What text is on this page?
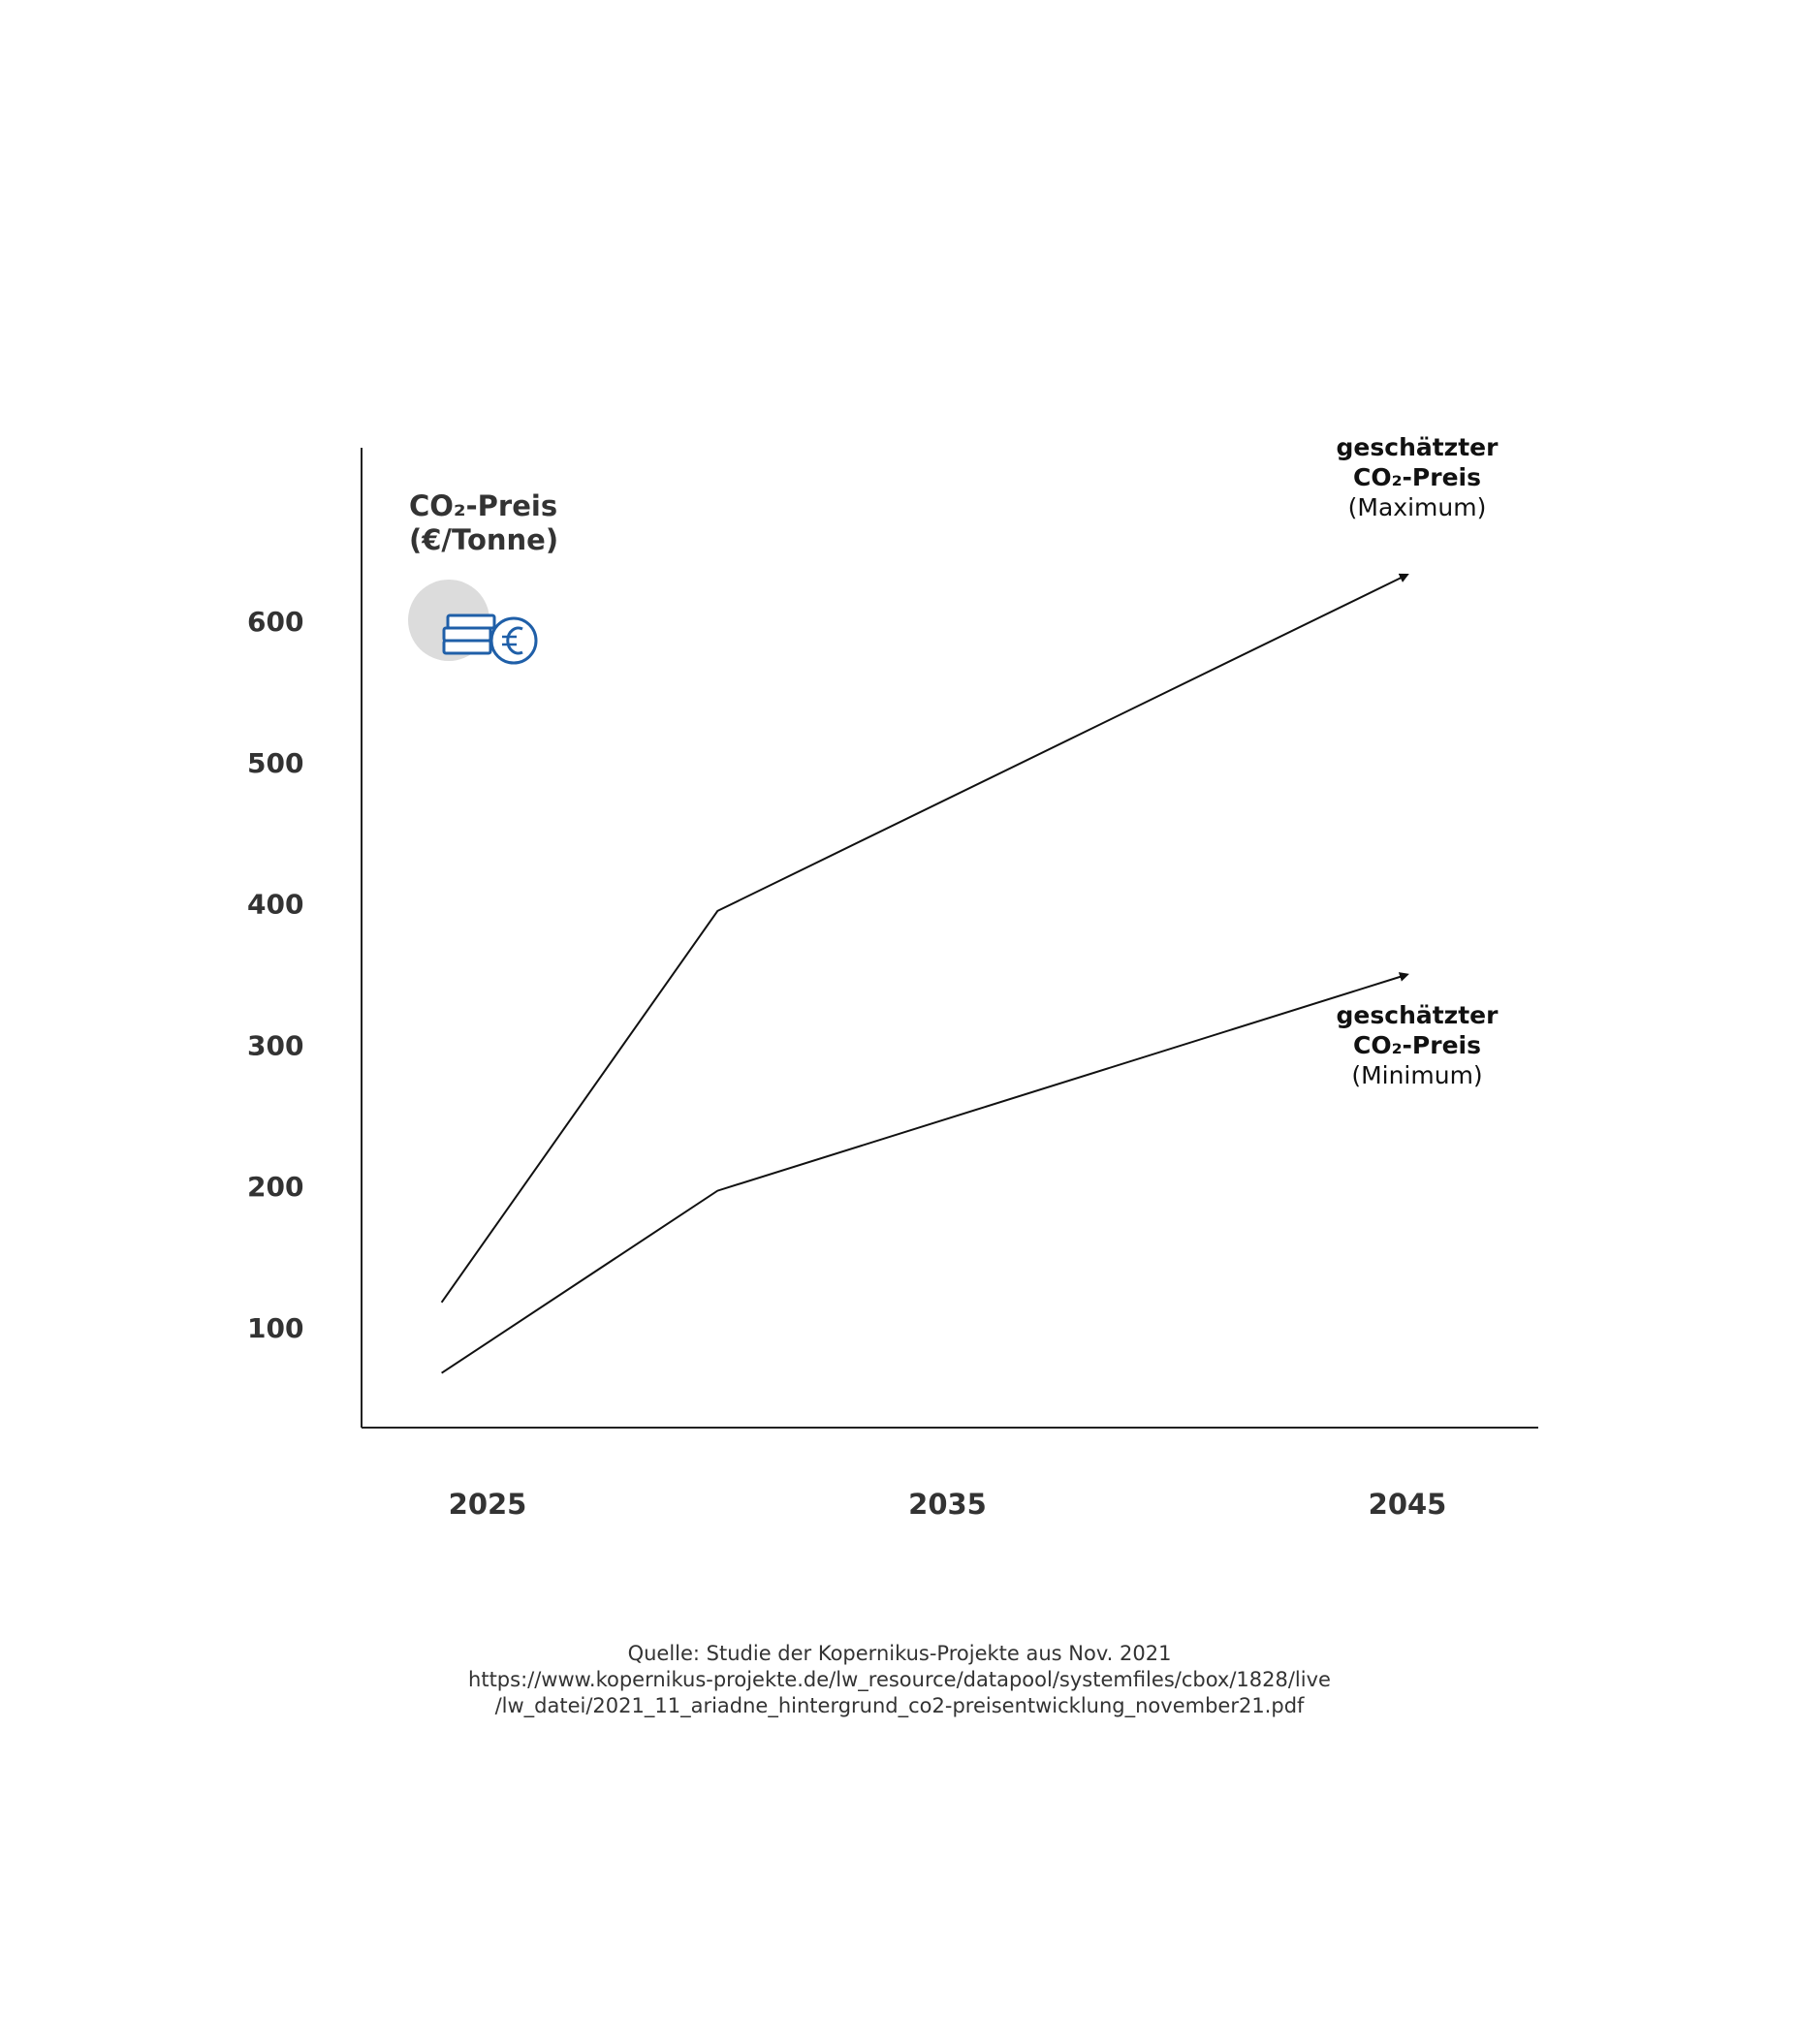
CO₂-Preis
(€/Tonne)
600
500
400
300
200
100
2025	2035	2045
geschätzter
CO₂-Preis
(Maximum)
geschätzter
CO₂-Preis
(Minimum)
Quelle: Studie der Kopernikus-Projekte aus Nov. 2021
https://www.kopernikus-projekte.de/lw_resource/datapool/systemfiles/cbox/1828/live
/lw_datei/2021_11_ariadne_hintergrund_co2-preisentwicklung_november21.pdf
